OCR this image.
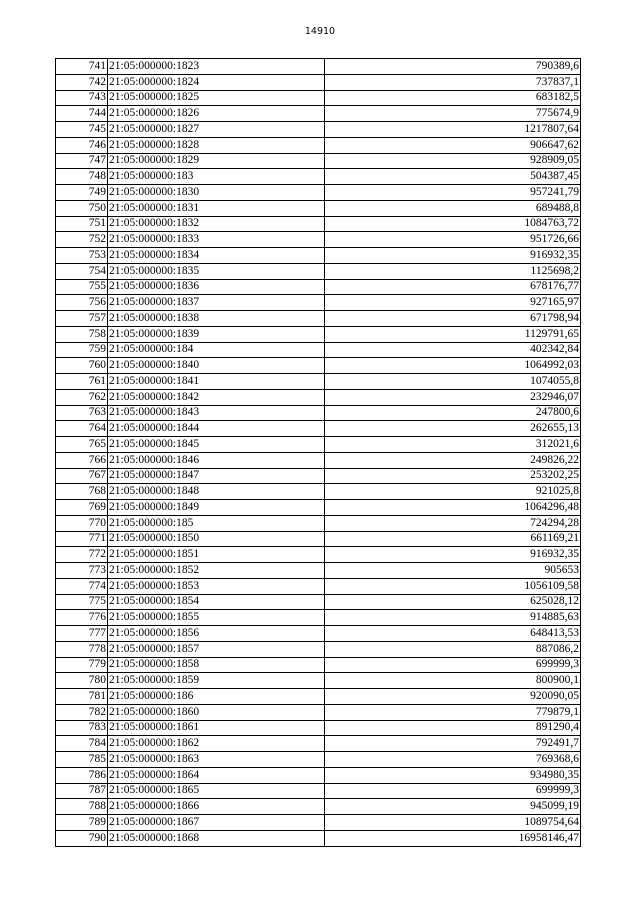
14910
741	21:05:000000:1823	790389,6
742	21:05:000000:1824	737837,1
743	21:05:000000:1825	683182,5
744	21:05:000000:1826	775674,9
745	21:05:000000:1827	1217807,64
746	21:05:000000:1828	906647,62
747	21:05:000000:1829	928909,05
748	21:05:000000:183	504387,45
749	21:05:000000:1830	957241,79
750	21:05:000000:1831	689488,8
751	21:05:000000:1832	1084763,72
752	21:05:000000:1833	951726,66
753	21:05:000000:1834	916932,35
754	21:05:000000:1835	1125698,2
755	21:05:000000:1836	678176,77
756	21:05:000000:1837	927165,97
757	21:05:000000:1838	671798,94
758	21:05:000000:1839	1129791,65
759	21:05:000000:184	402342,84
760	21:05:000000:1840	1064992,03
761	21:05:000000:1841	1074055,8
762	21:05:000000:1842	232946,07
763	21:05:000000:1843	247800,6
764	21:05:000000:1844	262655,13
765	21:05:000000:1845	312021,6
766	21:05:000000:1846	249826,22
767	21:05:000000:1847	253202,25
768	21:05:000000:1848	921025,8
769	21:05:000000:1849	1064296,48
770	21:05:000000:185	724294,28
771	21:05:000000:1850	661169,21
772	21:05:000000:1851	916932,35
773	21:05:000000:1852	905653
774	21:05:000000:1853	1056109,58
775	21:05:000000:1854	625028,12
776	21:05:000000:1855	914885,63
777	21:05:000000:1856	648413,53
778	21:05:000000:1857	887086,2
779	21:05:000000:1858	699999,3
780	21:05:000000:1859	800900,1
781	21:05:000000:186	920090,05
782	21:05:000000:1860	779879,1
783	21:05:000000:1861	891290,4
784	21:05:000000:1862	792491,7
785	21:05:000000:1863	769368,6
786	21:05:000000:1864	934980,35
787	21:05:000000:1865	699999,3
788	21:05:000000:1866	945099,19
789	21:05:000000:1867	1089754,64
790	21:05:000000:1868	16958146,47
